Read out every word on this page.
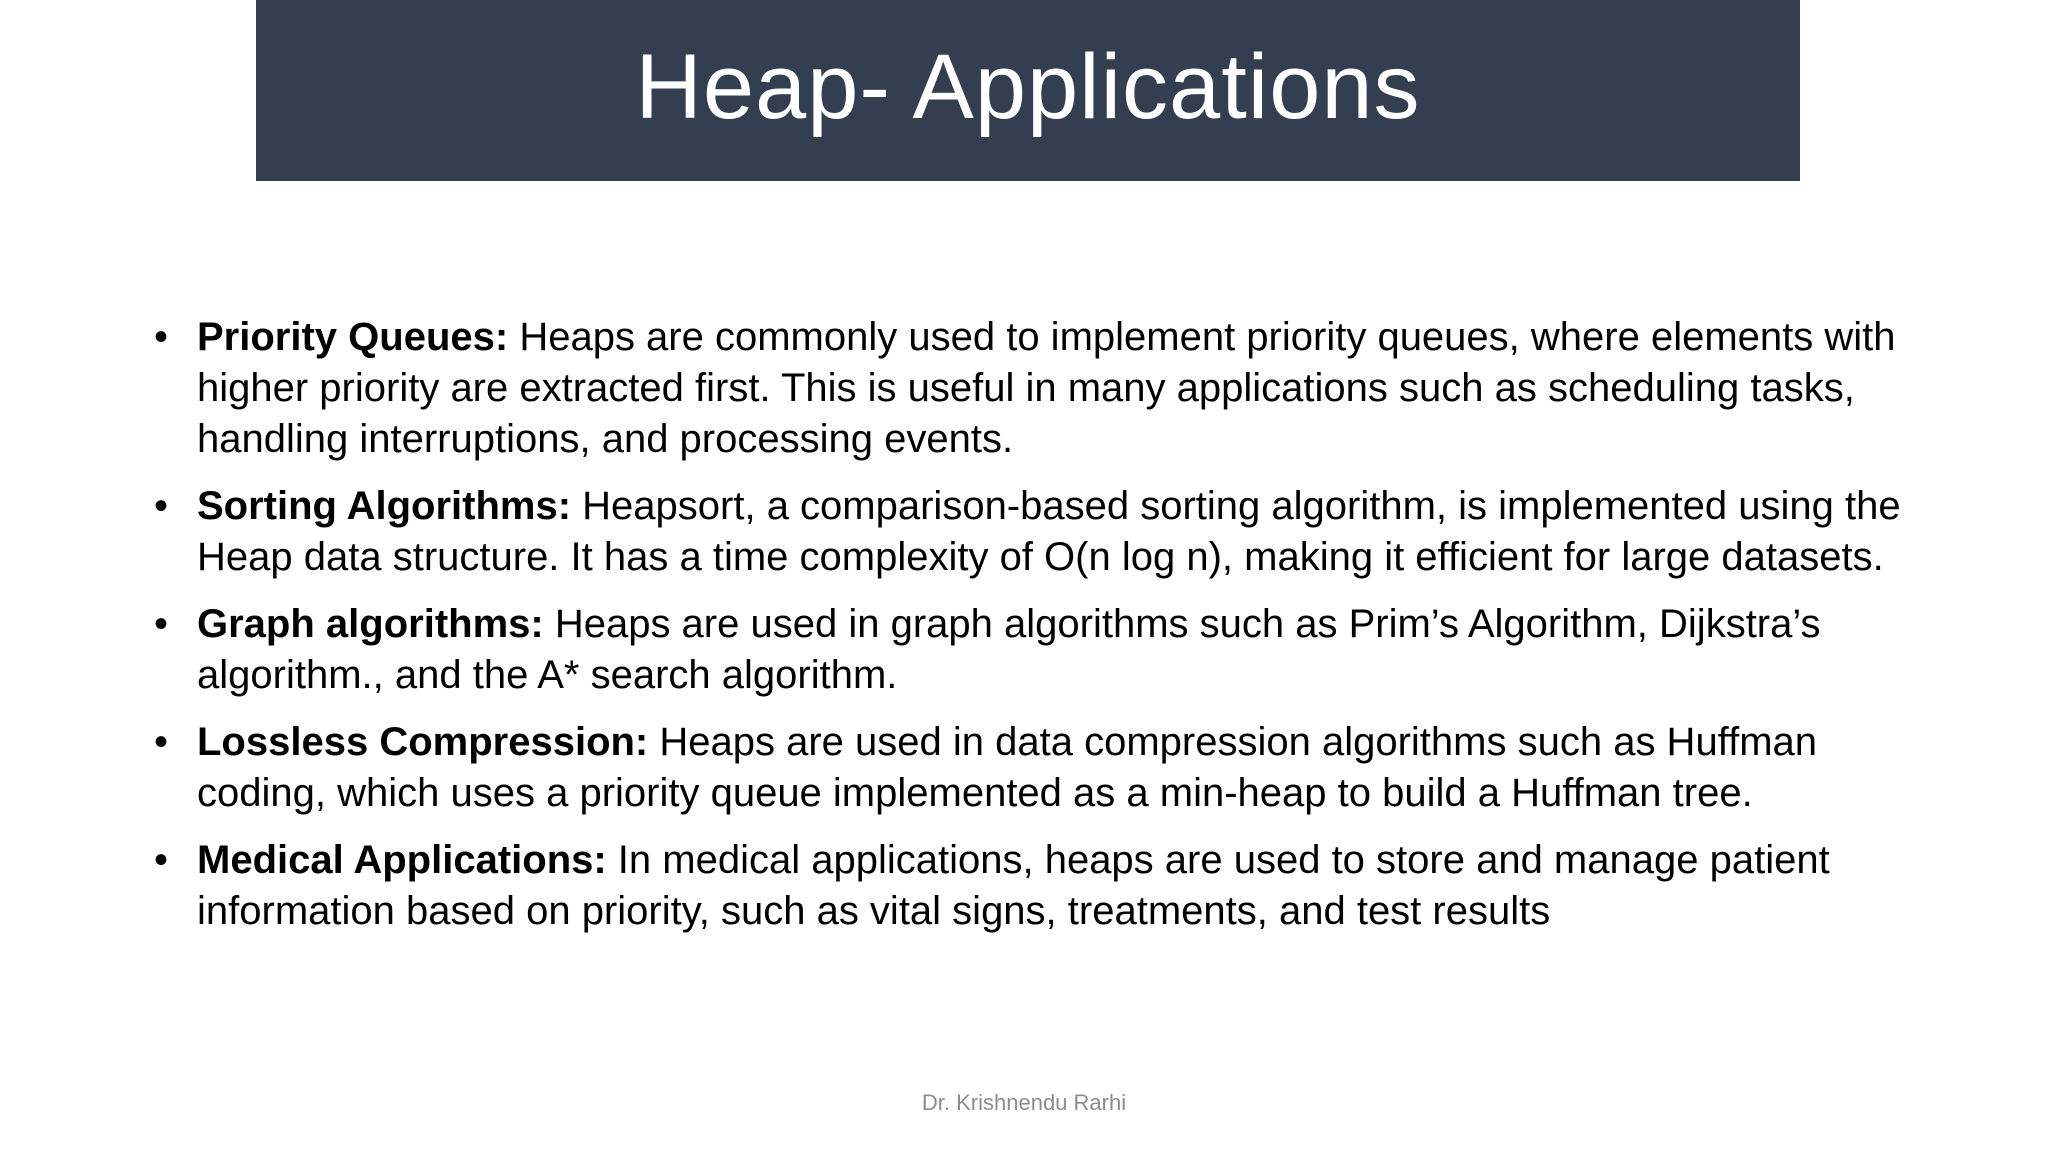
Heap- Applications
• Priority Queues: Heaps are commonly used to implement priority queues, where elements with higher priority are extracted first. This is useful in many applications such as scheduling tasks, handling interruptions, and processing events.
• Sorting Algorithms: Heapsort, a comparison-based sorting algorithm, is implemented using the Heap data structure. It has a time complexity of O(n log n), making it efficient for large datasets.
• Graph algorithms: Heaps are used in graph algorithms such as Prim’s Algorithm, Dijkstra’s algorithm., and the A* search algorithm.
• Lossless Compression: Heaps are used in data compression algorithms such as Huffman coding, which uses a priority queue implemented as a min-heap to build a Huffman tree.
• Medical Applications: In medical applications, heaps are used to store and manage patient information based on priority, such as vital signs, treatments, and test results
Dr. Krishnendu Rarhi
